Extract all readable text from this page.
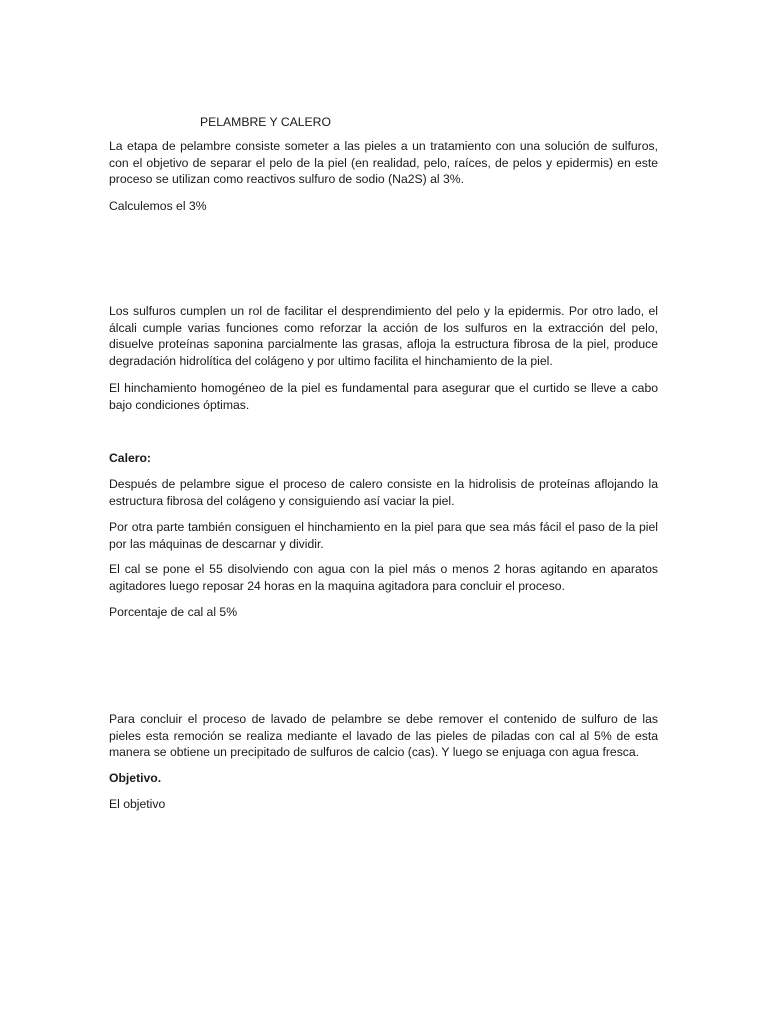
PELAMBRE Y CALERO

La etapa de pelambre consiste someter a las pieles a un tratamiento con una solución de sulfuros, con el objetivo de separar el pelo de la piel (en realidad, pelo, raíces, de pelos y epidermis) en este proceso se utilizan como reactivos sulfuro de sodio (Na2S) al 3%.

Calculemos el 3%

Los sulfuros cumplen un rol de facilitar el desprendimiento del pelo y la epidermis. Por otro lado, el álcali cumple varias funciones como reforzar la acción de los sulfuros en la extracción del pelo, disuelve proteínas saponina parcialmente las grasas, afloja la estructura fibrosa de la piel, produce degradación hidrolítica del colágeno y por ultimo facilita el hinchamiento de la piel.

El hinchamiento homogéneo de la piel es fundamental para asegurar que el curtido se lleve a cabo bajo condiciones óptimas.

Calero:

Después de pelambre sigue el proceso de calero consiste en la hidrolisis de proteínas aflojando la estructura fibrosa del colágeno y consiguiendo así vaciar la piel.

Por otra parte también consiguen el hinchamiento en la piel para que sea más fácil el paso de la piel por las máquinas de descarnar y dividir.

El cal se pone el 55 disolviendo con agua con la piel más o menos 2 horas agitando en aparatos agitadores luego reposar 24 horas en la maquina agitadora para concluir el proceso.

Porcentaje de cal al 5%

Para concluir el proceso de lavado de pelambre se debe remover el contenido de sulfuro de las pieles esta remoción se realiza mediante el lavado de las pieles de piladas con cal al 5% de esta manera se obtiene un precipitado de sulfuros de calcio (cas). Y luego se enjuaga con agua fresca.

Objetivo.

El objetivo
